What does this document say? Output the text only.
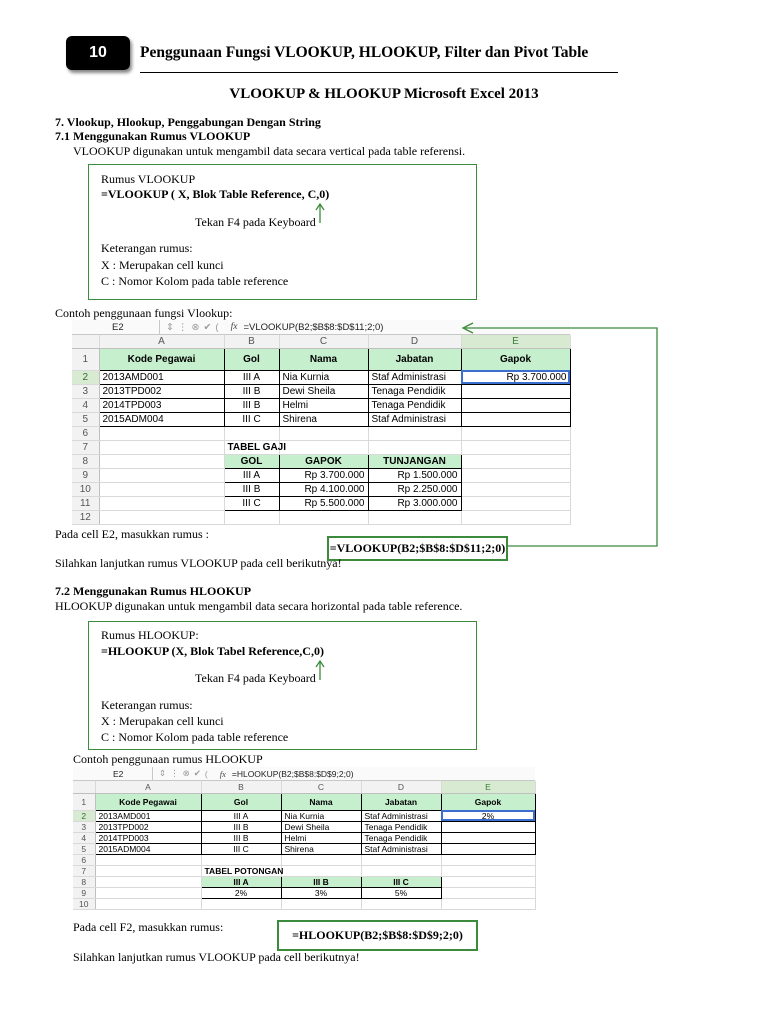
10	Penggunaan Fungsi VLOOKUP, HLOOKUP, Filter dan Pivot Table
VLOOKUP & HLOOKUP Microsoft Excel 2013
7. Vlookup, Hlookup, Penggabungan Dengan String
7.1 Menggunakan Rumus VLOOKUP
VLOOKUP digunakan untuk mengambil data secara vertical pada table referensi.
Rumus VLOOKUP
=VLOOKUP ( X, Blok Table Reference, C,0)
Tekan F4 pada Keyboard
Keterangan rumus:
X : Merupakan cell kunci
C : Nomor Kolom pada table reference
Contoh penggunaan fungsi Vlookup:
E2	⇕ ⋮ ⊗ ✔ (	fx =VLOOKUP(B2;$B$8:$D$11;2;0)
	A	B	C	D	E
1	Kode Pegawai	Gol	Nama	Jabatan	Gapok
2	2013AMD001	III A	Nia Kurnia	Staf Administrasi	Rp 3.700.000
3	2013TPD002	III B	Dewi Sheila	Tenaga Pendidik	
4	2014TPD003	III B	Helmi	Tenaga Pendidik	
5	2015ADM004	III C	Shirena	Staf Administrasi	
6					
7		TABEL GAJI			
8		GOL	GAPOK	TUNJANGAN	
9		III A	Rp 3.700.000	Rp 1.500.000	
10		III B	Rp 4.100.000	Rp 2.250.000	
11		III C	Rp 5.500.000	Rp 3.000.000	
12					
Pada cell E2, masukkan rumus :
=VLOOKUP(B2;$B$8:$D$11;2;0)
Silahkan lanjutkan rumus VLOOKUP pada cell berikutnya!
7.2 Menggunakan Rumus HLOOKUP
HLOOKUP digunakan untuk mengambil data secara horizontal pada table reference.
Rumus HLOOKUP:
=HLOOKUP (X, Blok Tabel Reference,C,0)
Tekan F4 pada Keyboard
Keterangan rumus:
X : Merupakan cell kunci
C : Nomor Kolom pada table reference
Contoh penggunaan rumus HLOOKUP
E2	⇕ ⋮ ⊗ ✔ (	fx =HLOOKUP(B2;$B$8:$D$9;2;0)
	A	B	C	D	E
1	Kode Pegawai	Gol	Nama	Jabatan	Gapok
2	2013AMD001	III A	Nia Kurnia	Staf Administrasi	2%
3	2013TPD002	III B	Dewi Sheila	Tenaga Pendidik	
4	2014TPD003	III B	Helmi	Tenaga Pendidik	
5	2015ADM004	III C	Shirena	Staf Administrasi	
6					
7		TABEL POTONGAN			
8		III A	III B	III C	
9		2%	3%	5%	
10					
Pada cell F2, masukkan rumus:
=HLOOKUP(B2;$B$8:$D$9;2;0)
Silahkan lanjutkan rumus VLOOKUP pada cell berikutnya!
